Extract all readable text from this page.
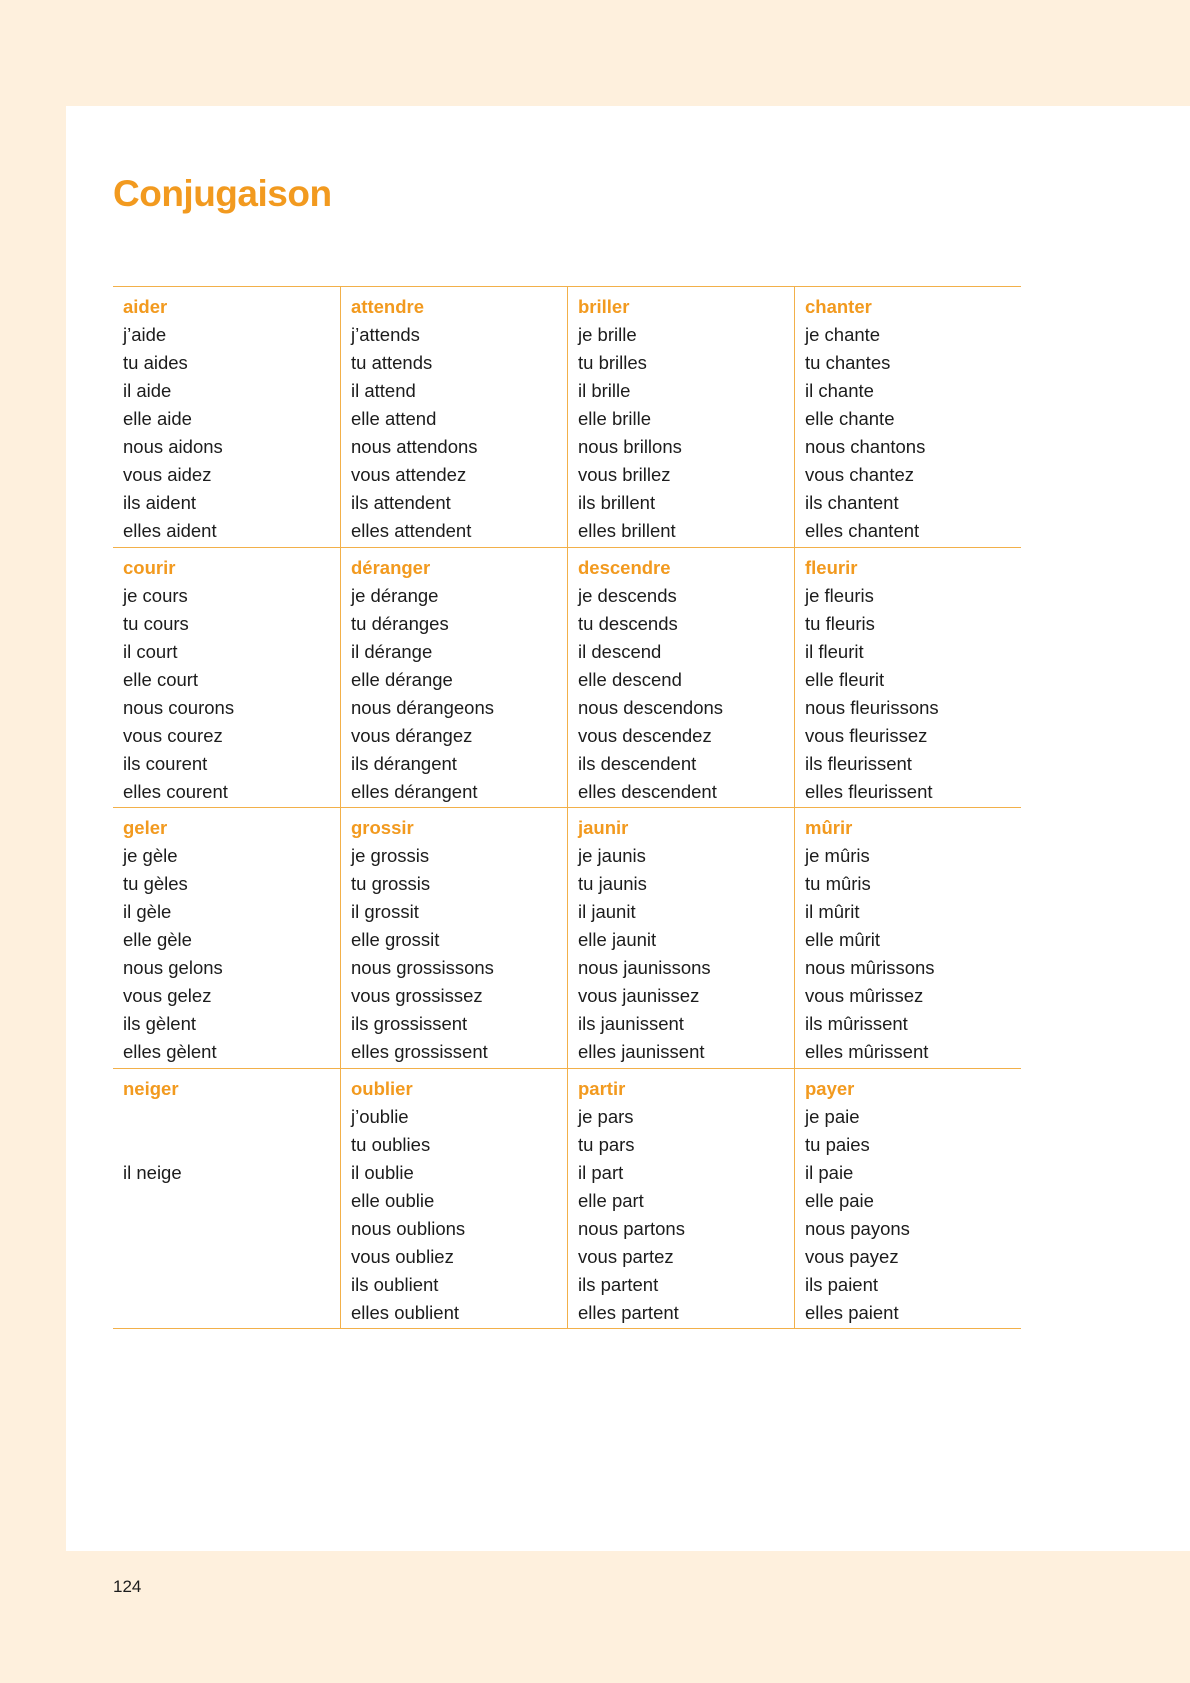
Conjugaison
aider
j’aide
tu aides
il aide
elle aide
nous aidons
vous aidez
ils aident
elles aident
attendre
j’attends
tu attends
il attend
elle attend
nous attendons
vous attendez
ils attendent
elles attendent
briller
je brille
tu brilles
il brille
elle brille
nous brillons
vous brillez
ils brillent
elles brillent
chanter
je chante
tu chantes
il chante
elle chante
nous chantons
vous chantez
ils chantent
elles chantent
courir
je cours
tu cours
il court
elle court
nous courons
vous courez
ils courent
elles courent
déranger
je dérange
tu déranges
il dérange
elle dérange
nous dérangeons
vous dérangez
ils dérangent
elles dérangent
descendre
je descends
tu descends
il descend
elle descend
nous descendons
vous descendez
ils descendent
elles descendent
fleurir
je fleuris
tu fleuris
il fleurit
elle fleurit
nous fleurissons
vous fleurissez
ils fleurissent
elles fleurissent
geler
je gèle
tu gèles
il gèle
elle gèle
nous gelons
vous gelez
ils gèlent
elles gèlent
grossir
je grossis
tu grossis
il grossit
elle grossit
nous grossissons
vous grossissez
ils grossissent
elles grossissent
jaunir
je jaunis
tu jaunis
il jaunit
elle jaunit
nous jaunissons
vous jaunissez
ils jaunissent
elles jaunissent
mûrir
je mûris
tu mûris
il mûrit
elle mûrit
nous mûrissons
vous mûrissez
ils mûrissent
elles mûrissent
neiger
il neige
oublier
j’oublie
tu oublies
il oublie
elle oublie
nous oublions
vous oubliez
ils oublient
elles oublient
partir
je pars
tu pars
il part
elle part
nous partons
vous partez
ils partent
elles partent
payer
je paie
tu paies
il paie
elle paie
nous payons
vous payez
ils paient
elles paient
124
